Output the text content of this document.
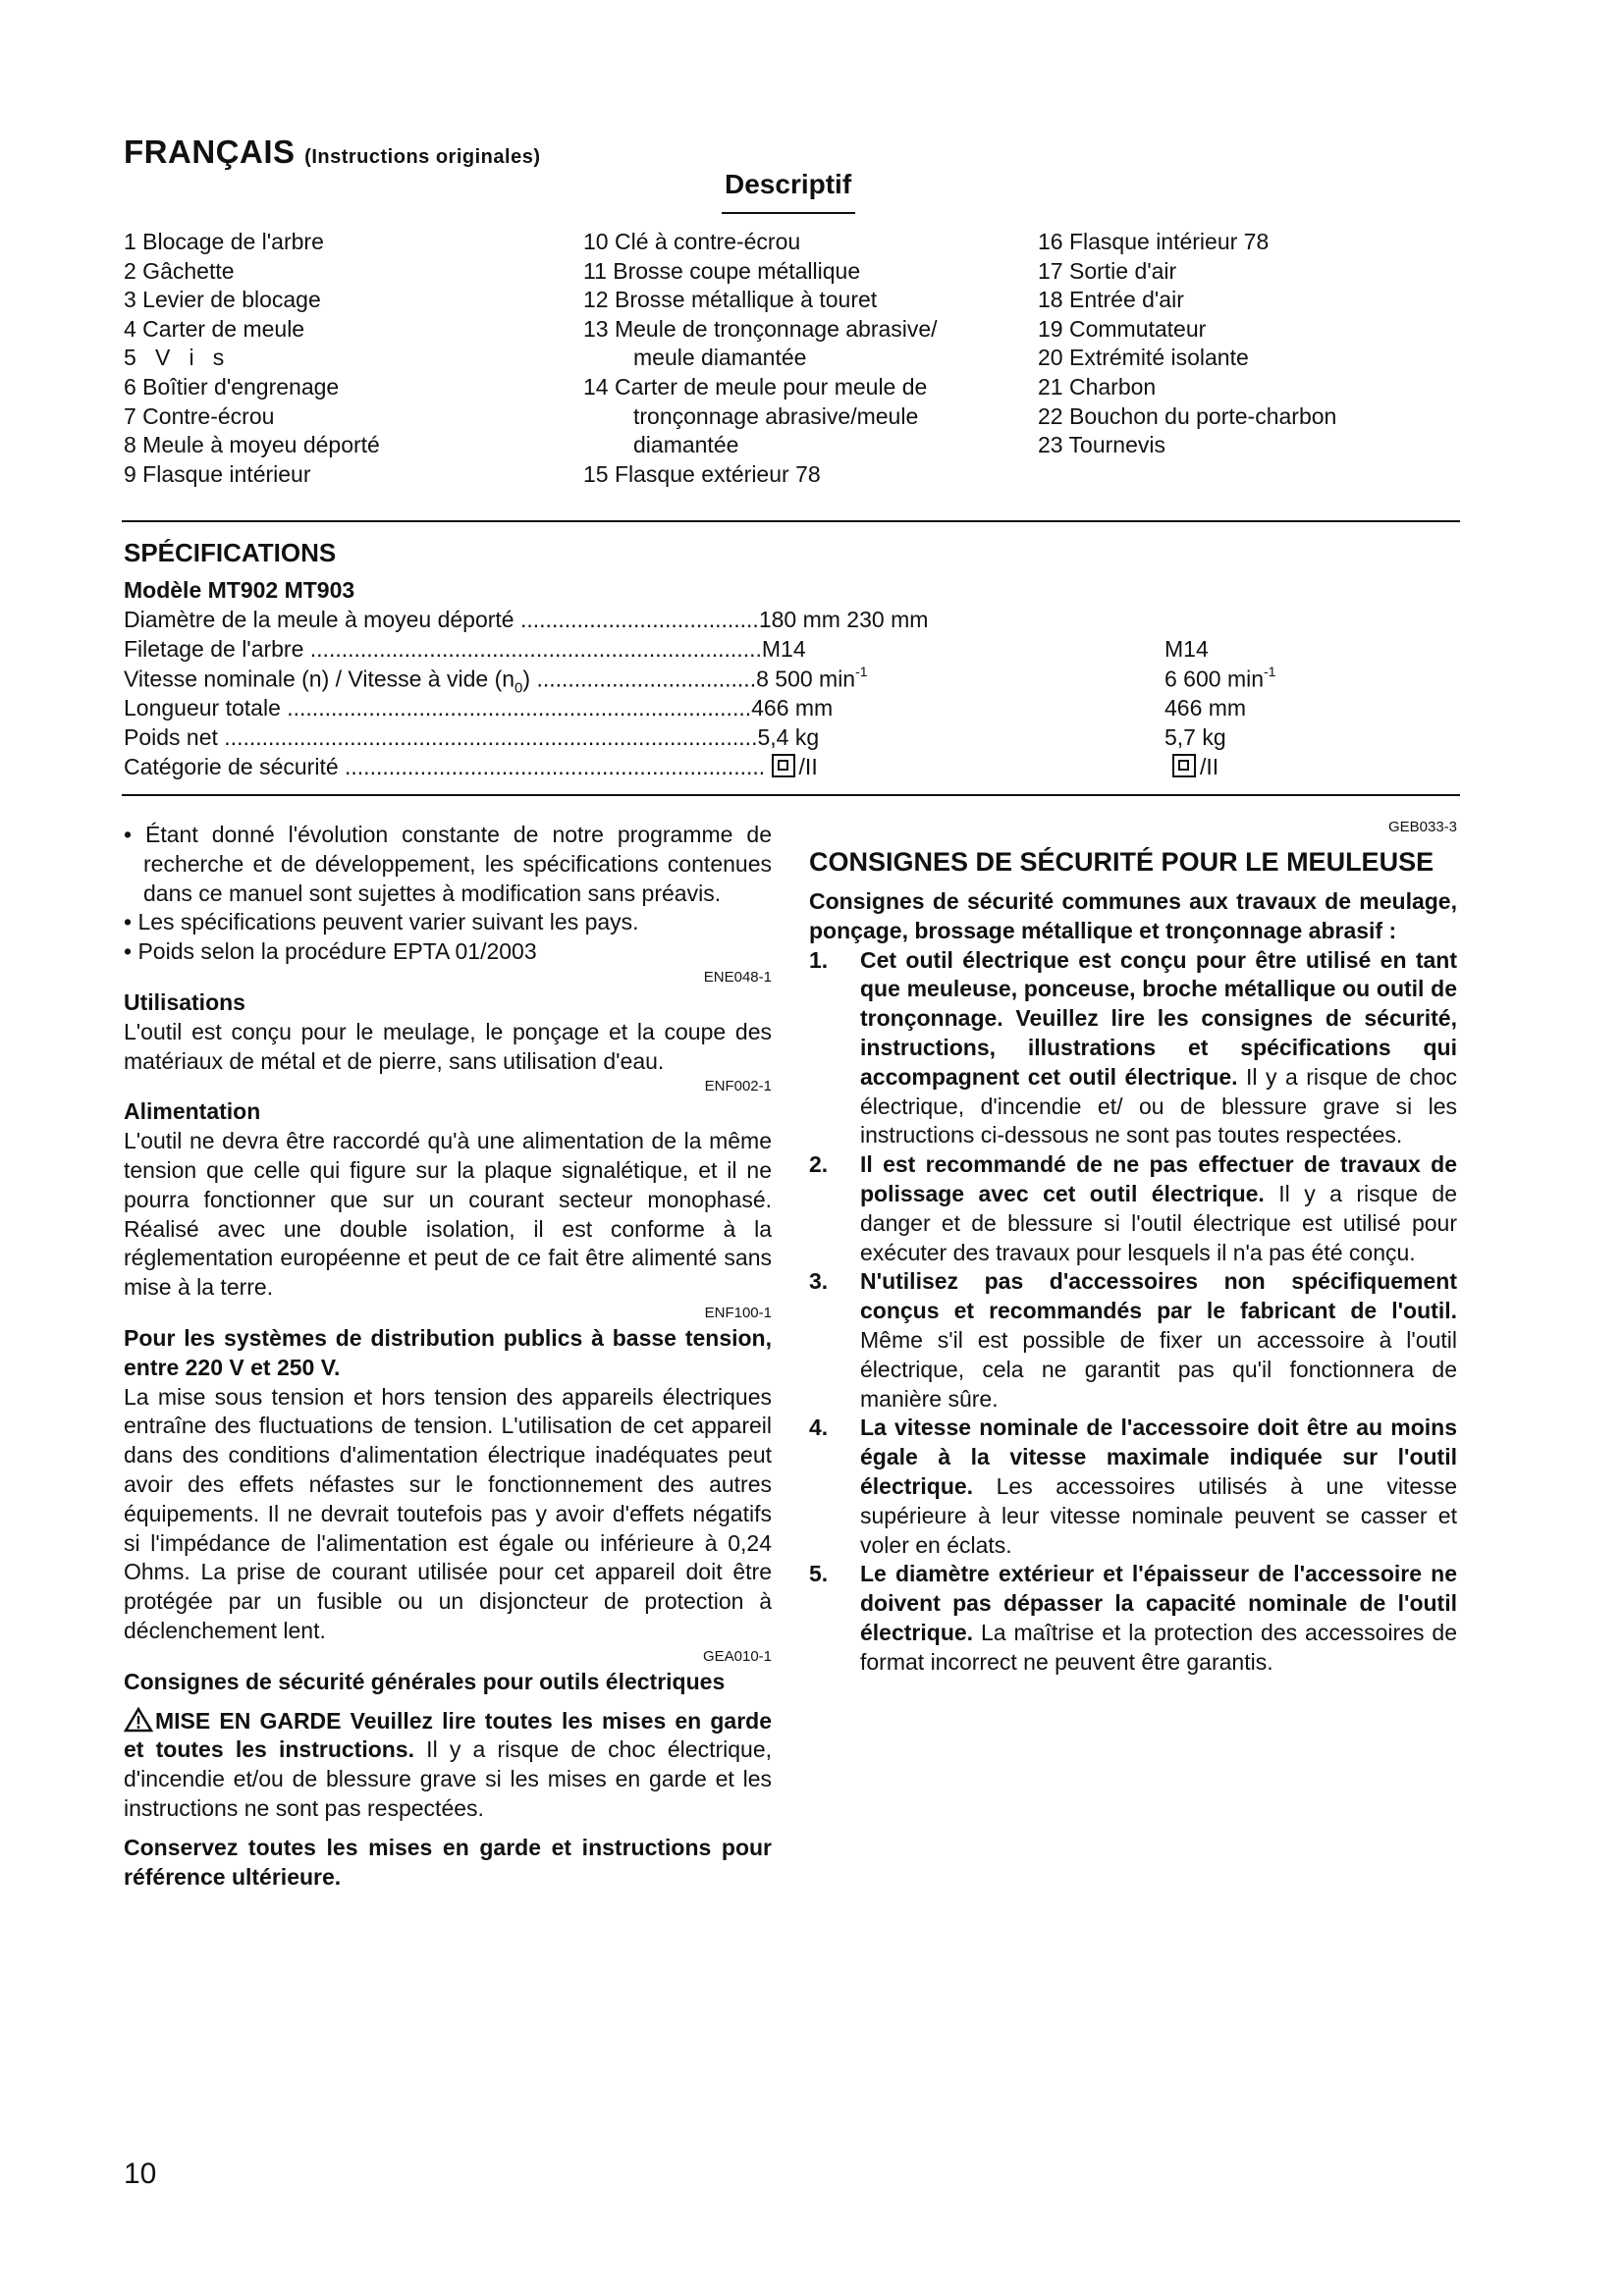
FRANÇAIS (Instructions originales)
Descriptif
1 Blocage de l'arbre
2 Gâchette
3 Levier de blocage
4 Carter de meule
5   V   i   s
6 Boîtier d'engrenage
7 Contre-écrou
8 Meule à moyeu déporté
9 Flasque intérieur
10 Clé à contre-écrou
11 Brosse coupe métallique
12 Brosse métallique à touret
13 Meule de tronçonnage abrasive/
meule diamantée
14 Carter de meule pour meule de
tronçonnage abrasive/meule
diamantée
15 Flasque extérieur 78
16 Flasque intérieur 78
17 Sortie d'air
18 Entrée d'air
19 Commutateur
20 Extrémité isolante
21 Charbon
22 Bouchon du porte-charbon
23 Tournevis
SPÉCIFICATIONS
Modèle MT902 MT903
Diamètre de la meule à moyeu déporté ......................................180 mm 230 mm
Filetage de l'arbre ........................................................................M14	M14
Vitesse nominale (n) / Vitesse à vide $(n_0)$ ...................................8 500 $\min^{-1}$	6 600 $\min^{-1}$
Longueur totale ..........................................................................466 mm	466 mm
Poids net .....................................................................................5,4 kg	5,7 kg
Catégorie de sécurité ................................................................... /II	/II

• Étant donné l'évolution constante de notre programme de recherche et de développement, les spécifications contenues dans ce manuel sont sujettes à modification sans préavis.

• Les spécifications peuvent varier suivant les pays.

• Poids selon la procédure EPTA 01/2003

ENE048-1

Utilisations

L'outil est conçu pour le meulage, le ponçage et la coupe des matériaux de métal et de pierre, sans utilisation d'eau.

ENF002-1

Alimentation

L'outil ne devra être raccordé qu'à une alimentation de la même tension que celle qui figure sur la plaque signalétique, et il ne pourra fonctionner que sur un courant secteur monophasé. Réalisé avec une double isolation, il est conforme à la réglementation européenne et peut de ce fait être alimenté sans mise à la terre.

ENF100-1

Pour les systèmes de distribution publics à basse tension, entre 220 V et 250 V.

La mise sous tension et hors tension des appareils électriques entraîne des fluctuations de tension. L'utilisation de cet appareil dans des conditions d'alimentation électrique inadéquates peut avoir des effets néfastes sur le fonctionnement des autres équipements. Il ne devrait toutefois pas y avoir d'effets négatifs si l'impédance de l'alimentation est égale ou inférieure à 0,24 Ohms. La prise de courant utilisée pour cet appareil doit être protégée par un fusible ou un disjoncteur de protection à déclenchement lent.

GEA010-1

Consignes de sécurité générales pour outils électriques

MISE EN GARDE Veuillez lire toutes les mises en garde et toutes les instructions. Il y a risque de choc électrique, d'incendie et/ou de blessure grave si les mises en garde et les instructions ne sont pas respectées.

Conservez toutes les mises en garde et instructions pour référence ultérieure.

GEB033-3

CONSIGNES DE SÉCURITÉ POUR LE MEULEUSE

Consignes de sécurité communes aux travaux de meulage, ponçage, brossage métallique et tronçonnage abrasif :

1.	Cet outil électrique est conçu pour être utilisé en tant que meuleuse, ponceuse, broche métallique ou outil de tronçonnage. Veuillez lire les consignes de sécurité, instructions, illustrations et spécifications qui accompagnent cet outil électrique. Il y a risque de choc électrique, d'incendie et/ ou de blessure grave si les instructions ci-dessous ne sont pas toutes respectées.
2.	Il est recommandé de ne pas effectuer de travaux de polissage avec cet outil électrique. Il y a risque de danger et de blessure si l'outil électrique est utilisé pour exécuter des travaux pour lesquels il n'a pas été conçu.
3.	N'utilisez pas d'accessoires non spécifiquement conçus et recommandés par le fabricant de l'outil. Même s'il est possible de fixer un accessoire à l'outil électrique, cela ne garantit pas qu'il fonctionnera de manière sûre.
4.	La vitesse nominale de l'accessoire doit être au moins égale à la vitesse maximale indiquée sur l'outil électrique. Les accessoires utilisés à une vitesse supérieure à leur vitesse nominale peuvent se casser et voler en éclats.
5.	Le diamètre extérieur et l'épaisseur de l'accessoire ne doivent pas dépasser la capacité nominale de l'outil électrique. La maîtrise et la protection des accessoires de format incorrect ne peuvent être garantis.
10
